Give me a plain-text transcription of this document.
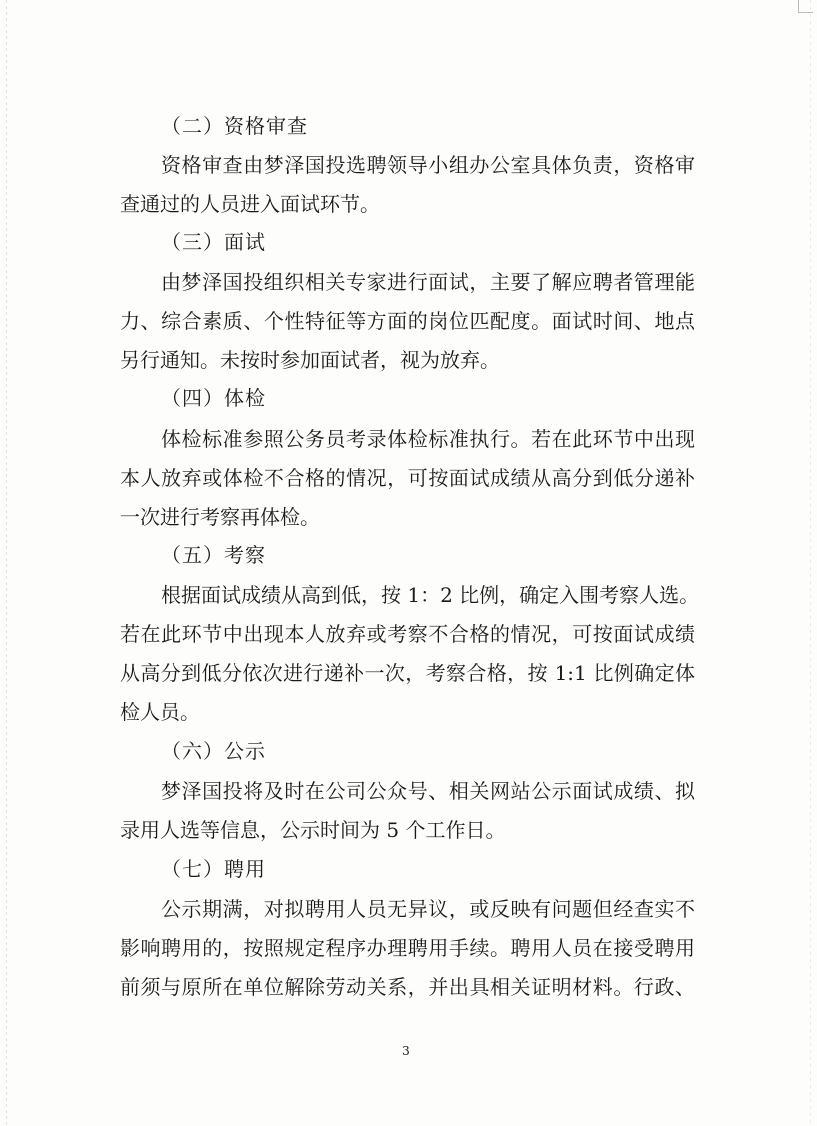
（二）资格审查
资格审查由梦泽国投选聘领导小组办公室具体负责，资格审
查通过的人员进入面试环节。
（三）面试
由梦泽国投组织相关专家进行面试，主要了解应聘者管理能
力、综合素质、个性特征等方面的岗位匹配度。面试时间、地点
另行通知。未按时参加面试者，视为放弃。
（四）体检
体检标准参照公务员考录体检标准执行。若在此环节中出现
本人放弃或体检不合格的情况，可按面试成绩从高分到低分递补
一次进行考察再体检。
（五）考察
根据面试成绩从高到低，按 1：2 比例，确定入围考察人选。
若在此环节中出现本人放弃或考察不合格的情况，可按面试成绩
从高分到低分依次进行递补一次，考察合格，按 1:1 比例确定体
检人员。
（六）公示
梦泽国投将及时在公司公众号、相关网站公示面试成绩、拟
录用人选等信息，公示时间为 5 个工作日。
（七）聘用
公示期满，对拟聘用人员无异议，或反映有问题但经查实不
影响聘用的，按照规定程序办理聘用手续。聘用人员在接受聘用
前须与原所在单位解除劳动关系，并出具相关证明材料。行政、
3
